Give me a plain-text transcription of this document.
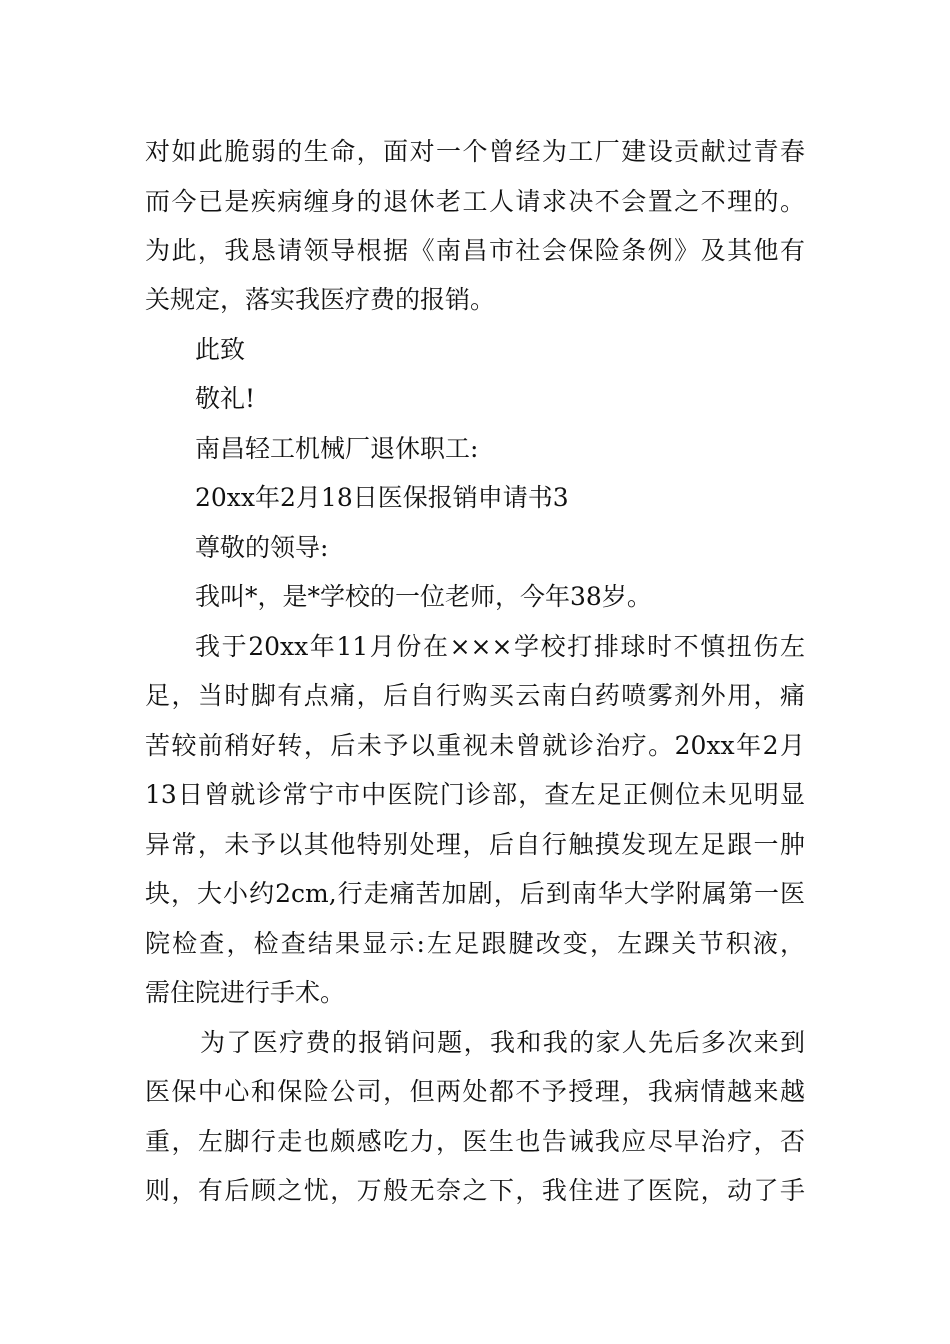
对如此脆弱的生命，面对一个曾经为工厂建设贡献过青春
而今已是疾病缠身的退休老工人请求决不会置之不理的。
为此，我恳请领导根据《南昌市社会保险条例》及其他有
关规定，落实我医疗费的报销。
此致
敬礼!
南昌轻工机械厂退休职工:
20xx年2月18日医保报销申请书3
尊敬的领导:
我叫*，是*学校的一位老师，今年38岁。
我于20xx年11月份在×××学校打排球时不慎扭伤左
足，当时脚有点痛，后自行购买云南白药喷雾剂外用，痛
苦较前稍好转，后未予以重视未曾就诊治疗。20xx年2月
13日曾就诊常宁市中医院门诊部，查左足正侧位未见明显
异常，未予以其他特别处理，后自行触摸发现左足跟一肿
块，大小约2cm,行走痛苦加剧，后到南华大学附属第一医
院检查，检查结果显示:左足跟腱改变，左踝关节积液，
需住院进行手术。
为了医疗费的报销问题，我和我的家人先后多次来到
医保中心和保险公司，但两处都不予授理，我病情越来越
重，左脚行走也颇感吃力，医生也告诫我应尽早治疗，否
则，有后顾之忧，万般无奈之下，我住进了医院，动了手
